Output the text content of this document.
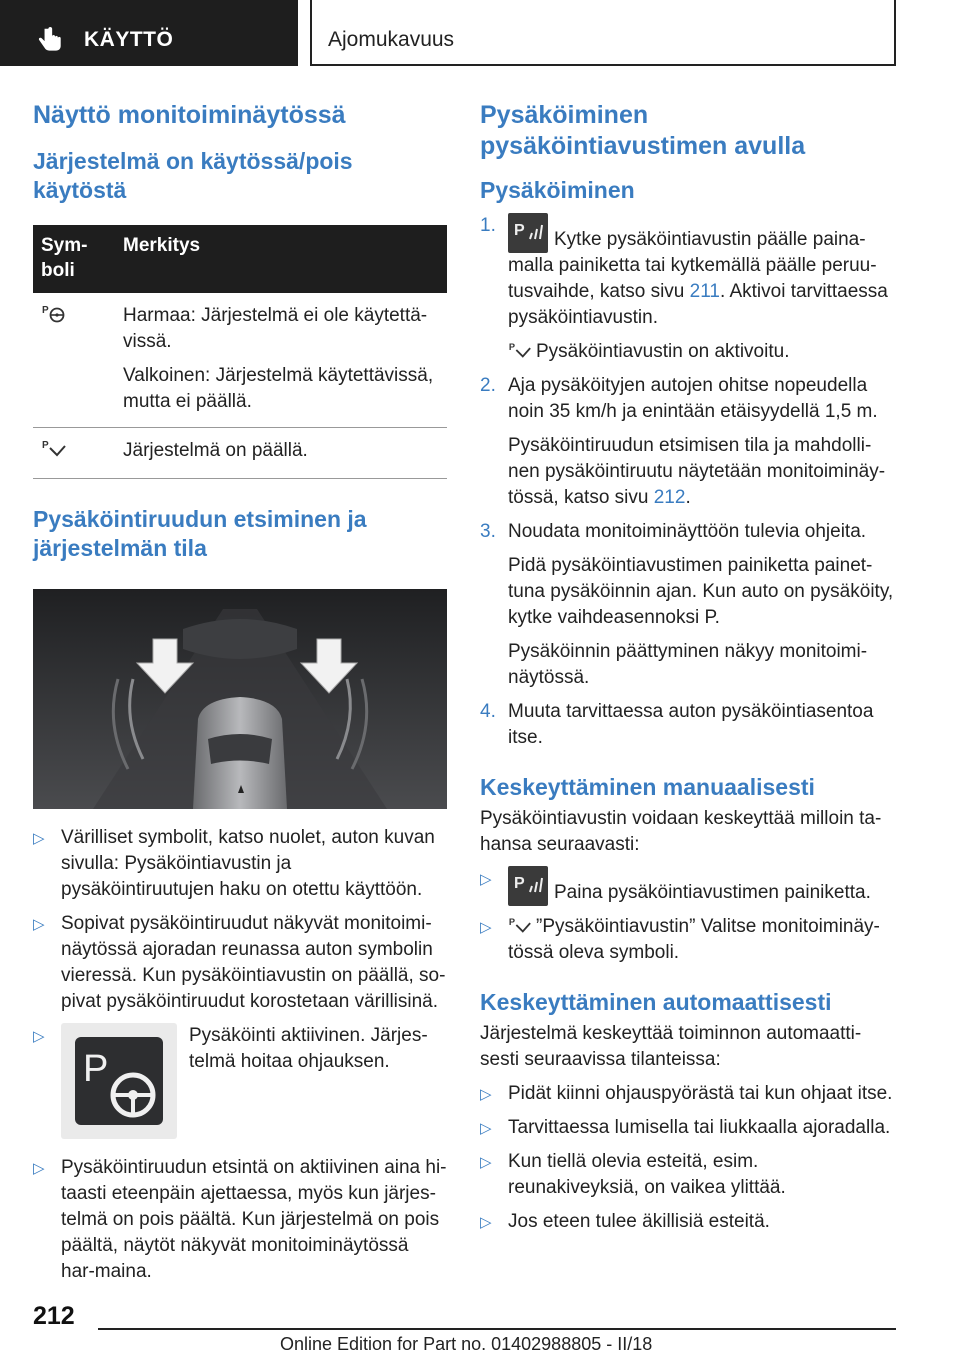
KÄYTTÖ	Ajomukavuus
Näyttö monitoiminäytössä
Järjestelmä on käytössä/pois käytöstä
Sym-boli	Merkitys

P	Harmaa: Järjestelmä ei ole käytettä-vissä.

Valkoinen: Järjestelmä käytettävissä, mutta ei päällä.

P	Järjestelmä on päällä.

Pysäköintiruudun etsiminen ja järjestelmän tila
▷ Värilliset symbolit, katso nuolet, auton kuvan sivulla: Pysäköintiavustin ja pysäköintiruutujen haku on otettu käyttöön.
▷ Sopivat pysäköintiruudut näkyvät monitoimi-näytössä ajoradan reunassa auton symbolin vieressä. Kun pysäköintiavustin on päällä, so-pivat pysäköintiruudut korostetaan värillisinä.
▷
P
Pysäköinti aktiivinen. Järjes-telmä hoitaa ohjauksen.
▷ Pysäköintiruudun etsintä on aktiivinen aina hi-taasti eteenpäin ajettaessa, myös kun järjes-telmä on pois päältä. Kun järjestelmä on pois päältä, näytöt näkyvät monitoiminäytössä har-maina.
Pysäköiminen pysäköintiavustimen avulla
Pysäköiminen
1. P Kytke pysäköintiavustin päälle paina-malla painiketta tai kytkemällä päälle peruu-tusvaihde, katso sivu 211. Aktivoi tarvittaessa pysäköintiavustin.

P Pysäköintiavustin on aktivoitu.

2. Aja pysäköityjen autojen ohitse nopeudella noin 35 km/h ja enintään etäisyydellä 1,5 m.

Pysäköintiruudun etsimisen tila ja mahdolli-nen pysäköintiruutu näytetään monitoiminäy-tössä, katso sivu 212.

3. Noudata monitoiminäyttöön tulevia ohjeita.

Pidä pysäköintiavustimen painiketta painet-tuna pysäköinnin ajan. Kun auto on pysäköity, kytke vaihdeasennoksi P.

Pysäköinnin päättyminen näkyy monitoimi-näytössä.

4. Muuta tarvittaessa auton pysäköintiasentoa itse.

Keskeyttäminen manuaalisesti

Pysäköintiavustin voidaan keskeyttää milloin ta-hansa seuraavasti:

▷ P Paina pysäköintiavustimen painiketta.
▷ P ”Pysäköintiavustin” Valitse monitoiminäy-tössä oleva symboli.
Keskeyttäminen automaattisesti

Järjestelmä keskeyttää toiminnon automaatti-sesti seuraavissa tilanteissa:

▷ Pidät kiinni ohjauspyörästä tai kun ohjaat itse.
▷ Tarvittaessa lumisella tai liukkaalla ajoradalla.
▷ Kun tiellä olevia esteitä, esim. reunakiveyksiä, on vaikea ylittää.
▷ Jos eteen tulee äkillisiä esteitä.
212
Online Edition for Part no. 01402988805 - II/18
